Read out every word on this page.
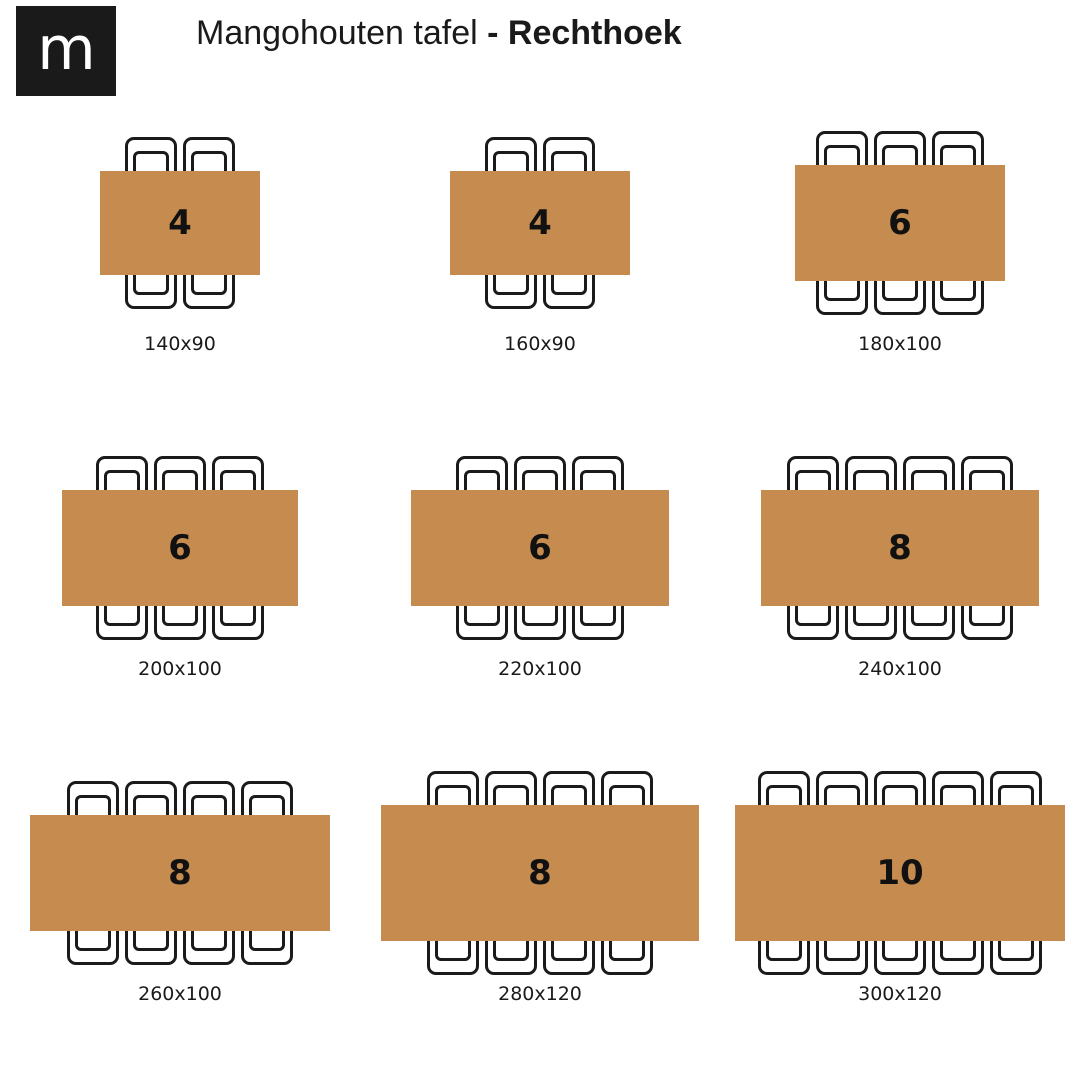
m	Mangohouten tafel - Rechthoek
4
140x90
4
160x90
6
180x100
6
200x100
6
220x100
8
240x100
8
260x100
8
280x120
10
300x120
